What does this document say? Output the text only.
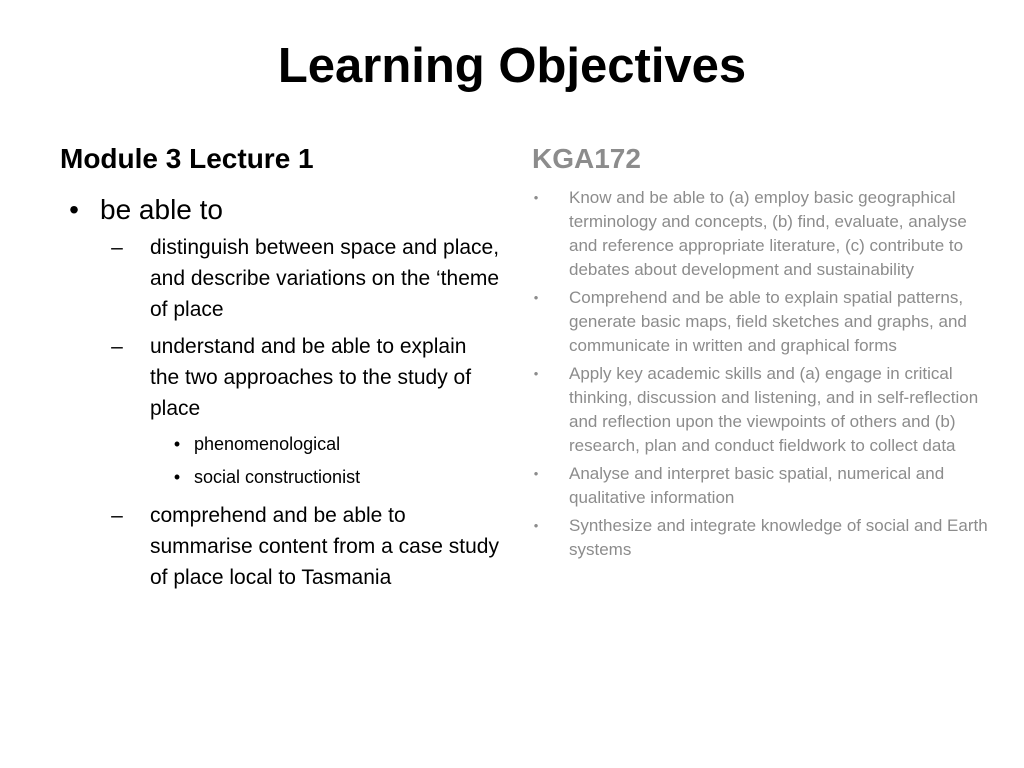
Learning Objectives
Module 3 Lecture 1
• be able to
– distinguish between space and place, and describe variations on the ‘theme of place
– understand and be able to explain the two approaches to the study of place
• phenomenological
• social constructionist
– comprehend and be able to summarise content from a case study of place local to Tasmania
KGA172
• Know and be able to (a) employ basic geographical terminology and concepts, (b) find, evaluate, analyse and reference appropriate literature, (c) contribute to debates about development and sustainability
• Comprehend and be able to explain spatial patterns, generate basic maps, field sketches and graphs, and communicate in written and graphical forms
• Apply key academic skills and (a) engage in critical thinking, discussion and listening, and in self-reflection and reflection upon the viewpoints of others and (b) research, plan and conduct fieldwork to collect data
• Analyse and interpret basic spatial, numerical and qualitative information
• Synthesize and integrate knowledge of social and Earth systems
